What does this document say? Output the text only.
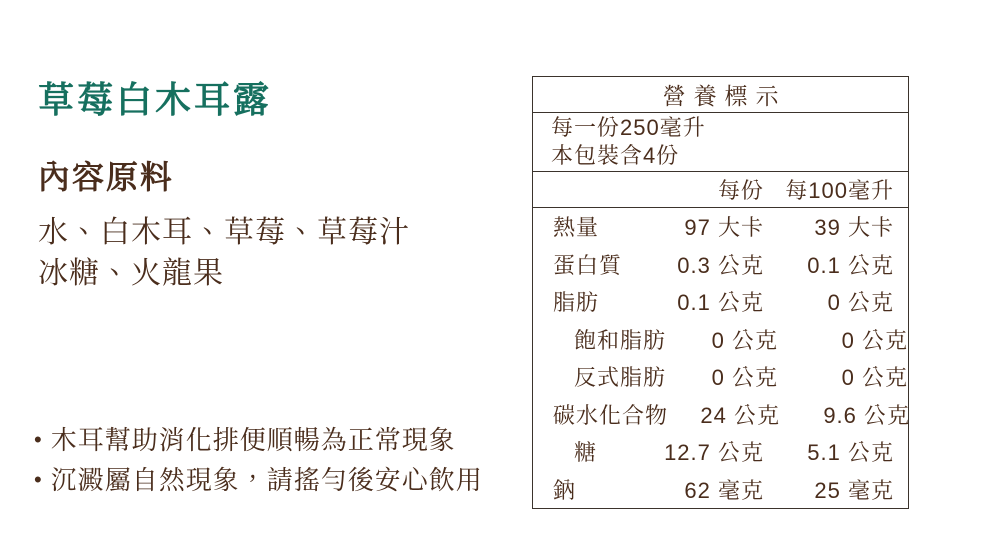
草莓白木耳露
內容原料
水、白木耳、草莓、草莓汁
冰糖、火龍果
• 木耳幫助消化排便順暢為正常現象
• 沉澱屬自然現象，請搖勻後安心飲用
營養標示
每一份250毫升
本包裝含4份
每份 每100毫升
熱量	97 大卡	39 大卡
蛋白質	0.3 公克	0.1 公克
脂肪	0.1 公克	0 公克
飽和脂肪	0 公克	0 公克
反式脂肪	0 公克	0 公克
碳水化合物	24 公克	9.6 公克
糖	12.7 公克	5.1 公克
鈉	62 毫克	25 毫克
